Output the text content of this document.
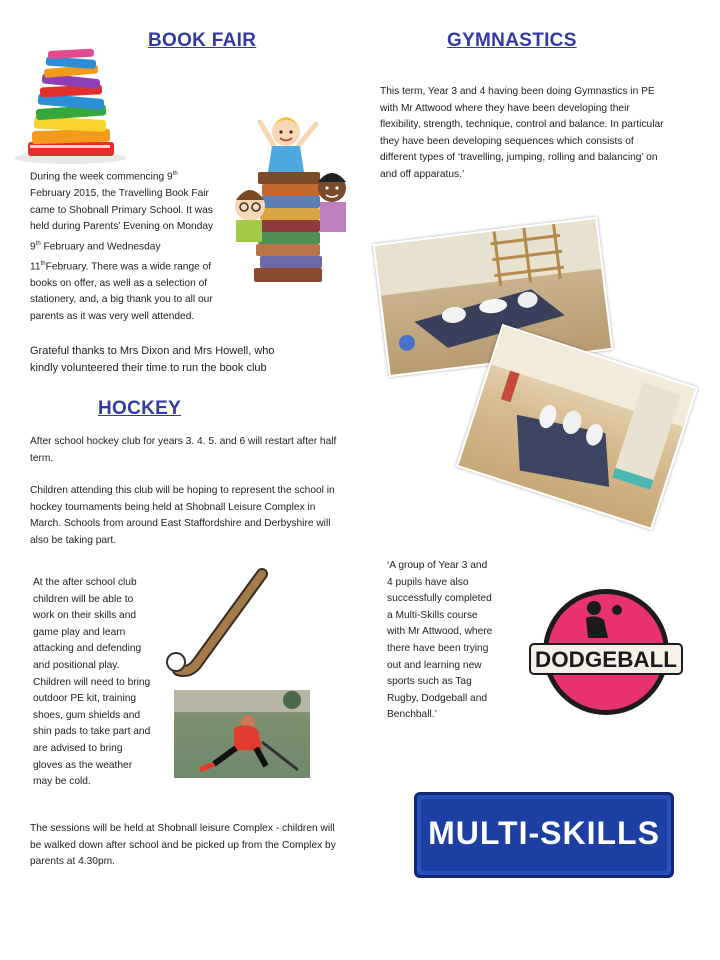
BOOK FAIR

During the week commencing 9th February 2015, the Travelling Book Fair came to Shobnall Primary School. It was held during Parents’ Evening on Monday 9th February and Wednesday 11thFebruary. There was a wide range of books on offer, as well as a selection of stationery, and, a big thank you to all our parents as it was very well attended.

Grateful thanks to Mrs Dixon and Mrs Howell, who kindly volunteered their time to run the book club
GYMNASTICS
This term, Year 3 and 4 having been doing Gymnastics in PE with Mr Attwood where they have been developing their flexibility, strength, technique, control and balance. In particular they have been developing sequences which consists of different types of ‘travelling, jumping, rolling and balancing’ on and off apparatus.’
HOCKEY
After school hockey club for years 3. 4. 5. and 6 will restart after half term.
Children attending this club will be hoping to represent the school in hockey tournaments being held at Shobnall Leisure Complex in March. Schools from around East Staffordshire and Derbyshire will also be taking part.
At the after school club children will be able to work on their skills and game play and learn attacking and defending and positional play. Children will need to bring outdoor PE kit, training shoes, gum shields and shin pads to take part and are advised to bring gloves as the weather may be cold.
The sessions will be held at Shobnall leisure Complex - children will be walked down after school and be picked up from the Complex by parents at 4.30pm.
‘A group of Year 3 and 4 pupils have also successfully completed a Multi-Skills course with Mr Attwood, where there have been trying out and learning new sports such as Tag Rugby, Dodgeball and Benchball.’
DODGEBALL
MULTI-SKILLS
